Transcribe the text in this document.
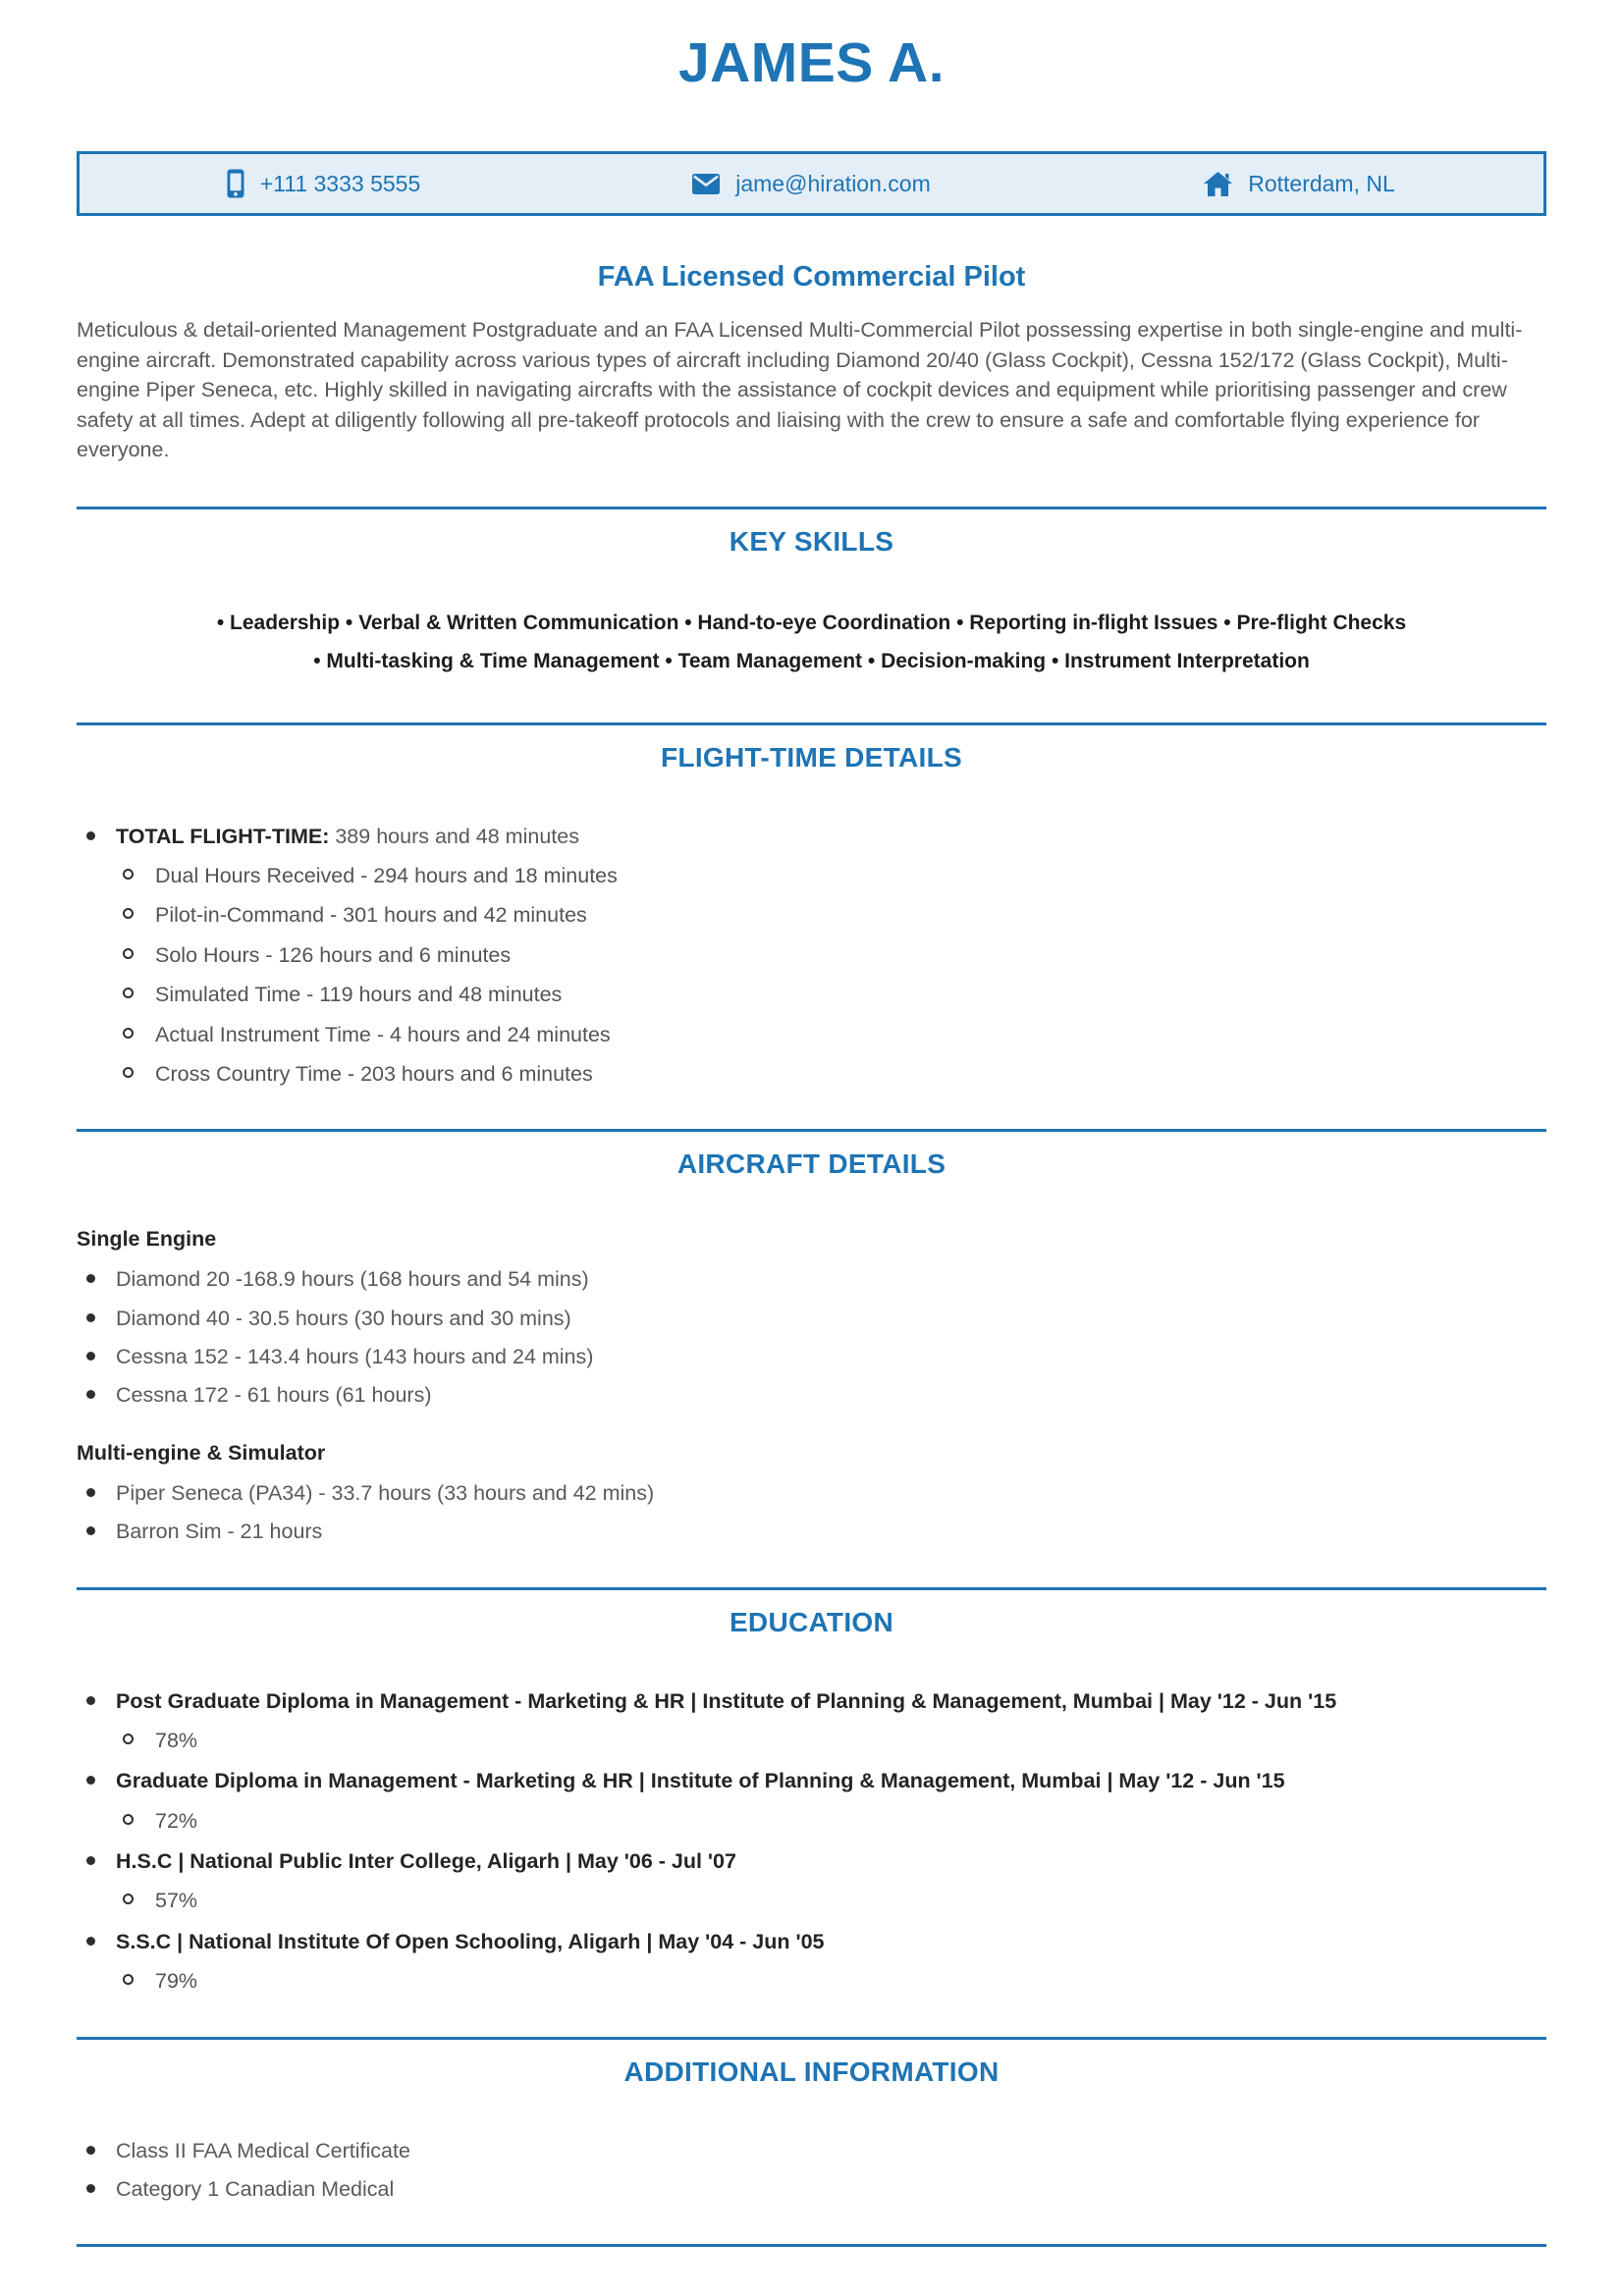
JAMES A.
+111 3333 5555	jame@hiration.com	Rotterdam, NL
FAA Licensed Commercial Pilot

Meticulous & detail-oriented Management Postgraduate and an FAA Licensed Multi-Commercial Pilot possessing expertise in both single-engine and multi-engine aircraft. Demonstrated capability across various types of aircraft including Diamond 20/40 (Glass Cockpit), Cessna 152/172 (Glass Cockpit), Multi-engine Piper Seneca, etc. Highly skilled in navigating aircrafts with the assistance of cockpit devices and equipment while prioritising passenger and crew safety at all times. Adept at diligently following all pre-takeoff protocols and liaising with the crew to ensure a safe and comfortable flying experience for everyone.

KEY SKILLS
• Leadership • Verbal & Written Communication • Hand-to-eye Coordination • Reporting in-flight Issues • Pre-flight Checks
• Multi-tasking & Time Management • Team Management • Decision-making • Instrument Interpretation
FLIGHT-TIME DETAILS
TOTAL FLIGHT-TIME: 389 hours and 48 minutes
Dual Hours Received - 294 hours and 18 minutes
Pilot-in-Command - 301 hours and 42 minutes
Solo Hours - 126 hours and 6 minutes
Simulated Time - 119 hours and 48 minutes
Actual Instrument Time - 4 hours and 24 minutes
Cross Country Time - 203 hours and 6 minutes
AIRCRAFT DETAILS
Single Engine
Diamond 20 -168.9 hours (168 hours and 54 mins)
Diamond 40 - 30.5 hours (30 hours and 30 mins)
Cessna 152 - 143.4 hours (143 hours and 24 mins)
Cessna 172 - 61 hours (61 hours)
Multi-engine & Simulator
Piper Seneca (PA34) - 33.7 hours (33 hours and 42 mins)
Barron Sim - 21 hours
EDUCATION
Post Graduate Diploma in Management - Marketing & HR | Institute of Planning & Management, Mumbai | May '12 - Jun '15
78%
Graduate Diploma in Management - Marketing & HR | Institute of Planning & Management, Mumbai | May '12 - Jun '15
72%
H.S.C | National Public Inter College, Aligarh | May '06 - Jul '07
57%
S.S.C | National Institute Of Open Schooling, Aligarh | May '04 - Jun '05
79%
ADDITIONAL INFORMATION
Class II FAA Medical Certificate
Category 1 Canadian Medical
